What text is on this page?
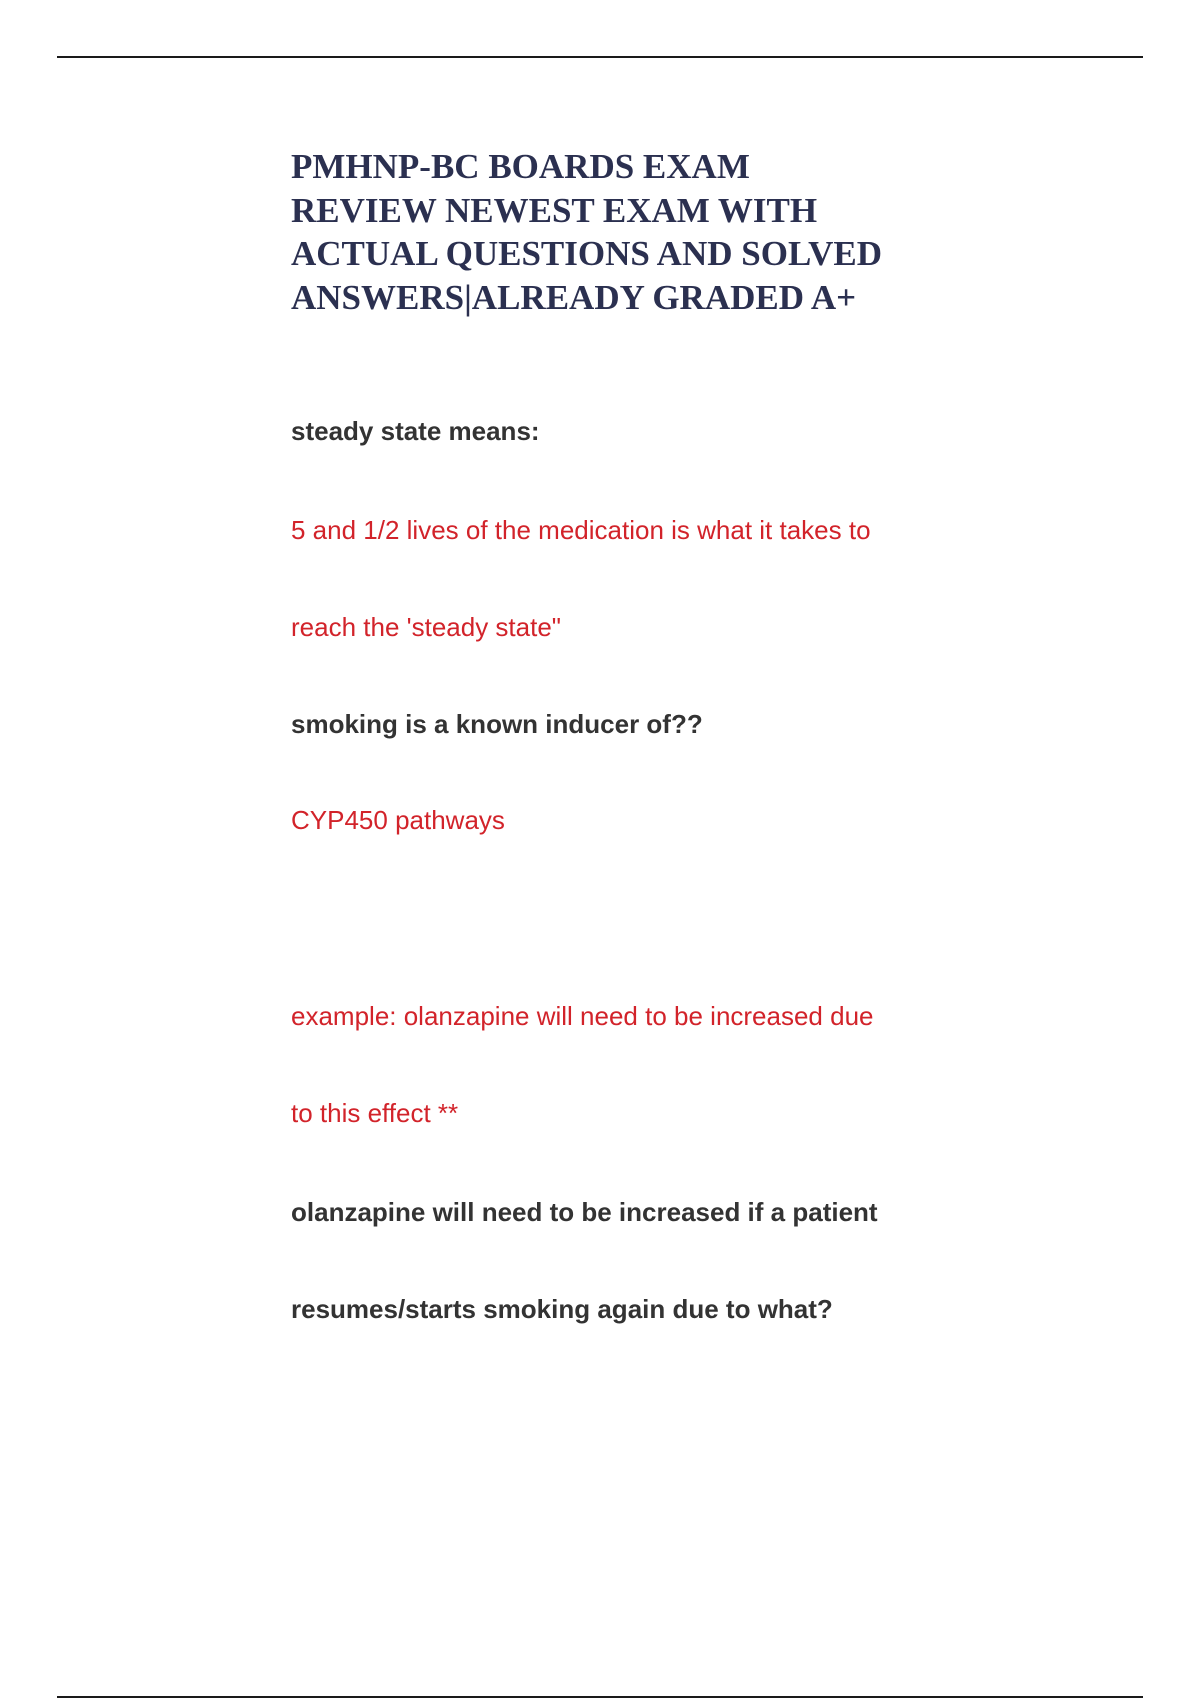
PMHNP-BC BOARDS EXAM
REVIEW NEWEST EXAM WITH
ACTUAL QUESTIONS AND SOLVED
ANSWERS|ALREADY GRADED A+

steady state means:

5 and 1/2 lives of the medication is what it takes to

reach the 'steady state"

smoking is a known inducer of??

CYP450 pathways

example: olanzapine will need to be increased due

to this effect **

olanzapine will need to be increased if a patient

resumes/starts smoking again due to what?
